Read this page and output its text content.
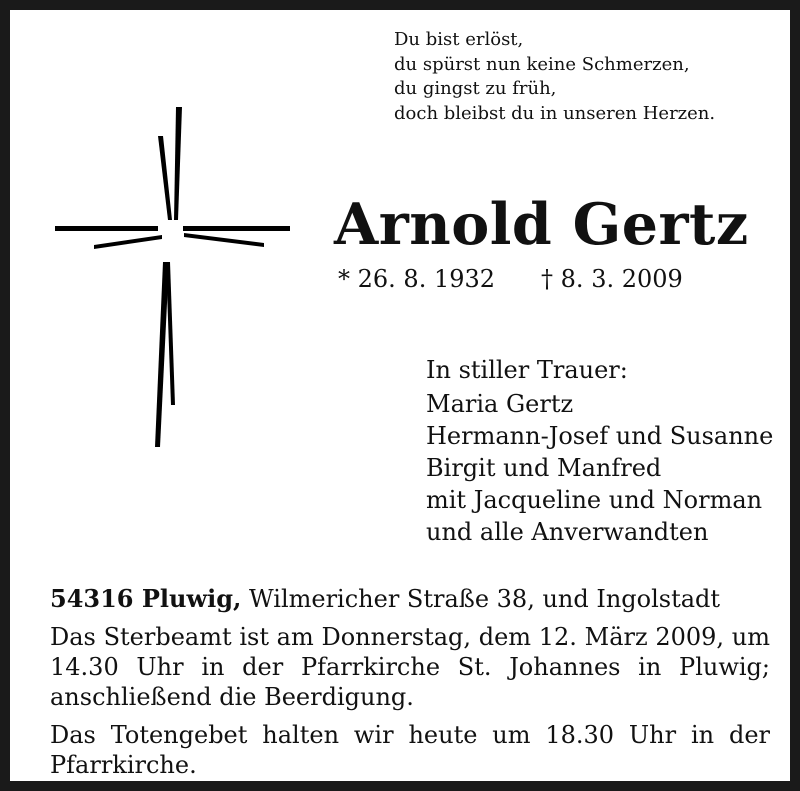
Du bist erlöst,
du spürst nun keine Schmerzen,
du gingst zu früh,
doch bleibst du in unseren Herzen.
Arnold Gertz
* 26. 8. 1932 † 8. 3. 2009
In stiller Trauer:
Maria Gertz
Hermann-Josef und Susanne
Birgit und Manfred
mit Jacqueline und Norman
und alle Anverwandten
54316 Pluwig, Wilmericher Straße 38, und Ingolstadt
Das Sterbeamt ist am Donnerstag, dem 12. März 2009, um 14.30 Uhr in der Pfarrkirche St. Johannes in Pluwig; anschließend die Beerdigung.
Das Totengebet halten wir heute um 18.30 Uhr in der Pfarrkirche.
